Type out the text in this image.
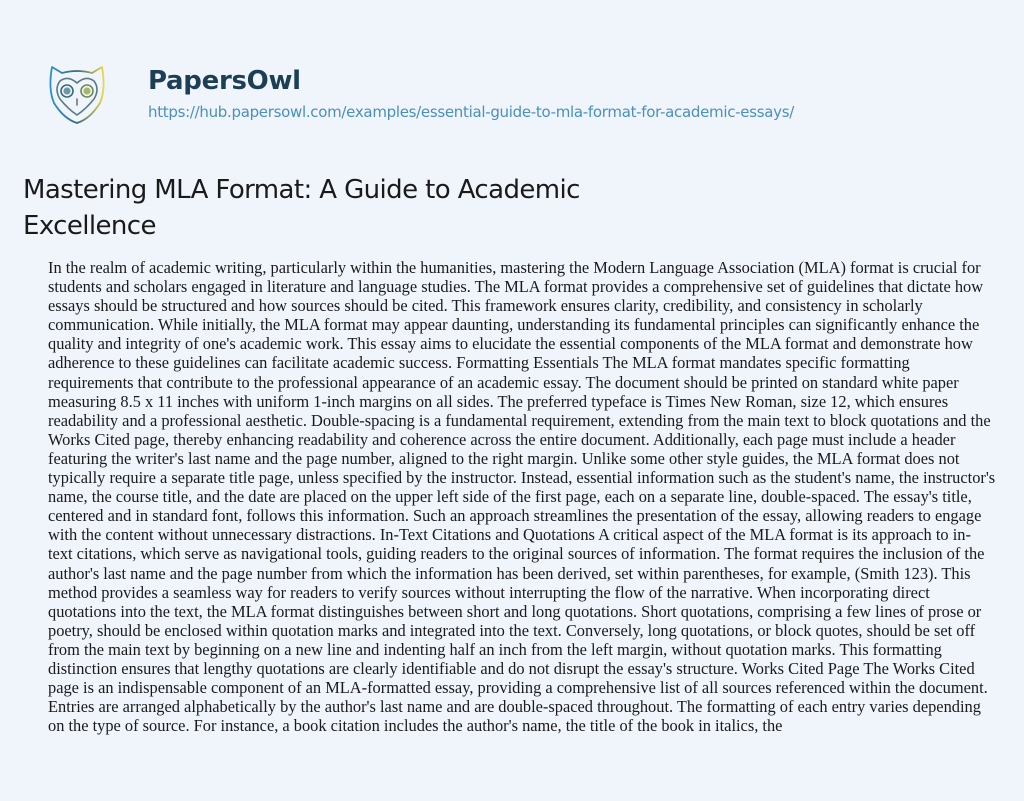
PapersOwl
https://hub.papersowl.com/examples/essential-guide-to-mla-format-for-academic-essays/
Mastering MLA Format: A Guide to Academic Excellence
In the realm of academic writing, particularly within the humanities, mastering the Modern Language Association (MLA) format is crucial for
students and scholars engaged in literature and language studies. The MLA format provides a comprehensive set of guidelines that dictate how
essays should be structured and how sources should be cited. This framework ensures clarity, credibility, and consistency in scholarly
communication. While initially, the MLA format may appear daunting, understanding its fundamental principles can significantly enhance the
quality and integrity of one's academic work. This essay aims to elucidate the essential components of the MLA format and demonstrate how
adherence to these guidelines can facilitate academic success. Formatting Essentials The MLA format mandates specific formatting
requirements that contribute to the professional appearance of an academic essay. The document should be printed on standard white paper
measuring 8.5 x 11 inches with uniform 1-inch margins on all sides. The preferred typeface is Times New Roman, size 12, which ensures
readability and a professional aesthetic. Double-spacing is a fundamental requirement, extending from the main text to block quotations and the
Works Cited page, thereby enhancing readability and coherence across the entire document. Additionally, each page must include a header
featuring the writer's last name and the page number, aligned to the right margin. Unlike some other style guides, the MLA format does not
typically require a separate title page, unless specified by the instructor. Instead, essential information such as the student's name, the instructor's
name, the course title, and the date are placed on the upper left side of the first page, each on a separate line, double-spaced. The essay's title,
centered and in standard font, follows this information. Such an approach streamlines the presentation of the essay, allowing readers to engage
with the content without unnecessary distractions. In-Text Citations and Quotations A critical aspect of the MLA format is its approach to in-
text citations, which serve as navigational tools, guiding readers to the original sources of information. The format requires the inclusion of the
author's last name and the page number from which the information has been derived, set within parentheses, for example, (Smith 123). This
method provides a seamless way for readers to verify sources without interrupting the flow of the narrative. When incorporating direct
quotations into the text, the MLA format distinguishes between short and long quotations. Short quotations, comprising a few lines of prose or
poetry, should be enclosed within quotation marks and integrated into the text. Conversely, long quotations, or block quotes, should be set off
from the main text by beginning on a new line and indenting half an inch from the left margin, without quotation marks. This formatting
distinction ensures that lengthy quotations are clearly identifiable and do not disrupt the essay's structure. Works Cited Page The Works Cited
page is an indispensable component of an MLA-formatted essay, providing a comprehensive list of all sources referenced within the document.
Entries are arranged alphabetically by the author's last name and are double-spaced throughout. The formatting of each entry varies depending
on the type of source. For instance, a book citation includes the author's name, the title of the book in italics, the
